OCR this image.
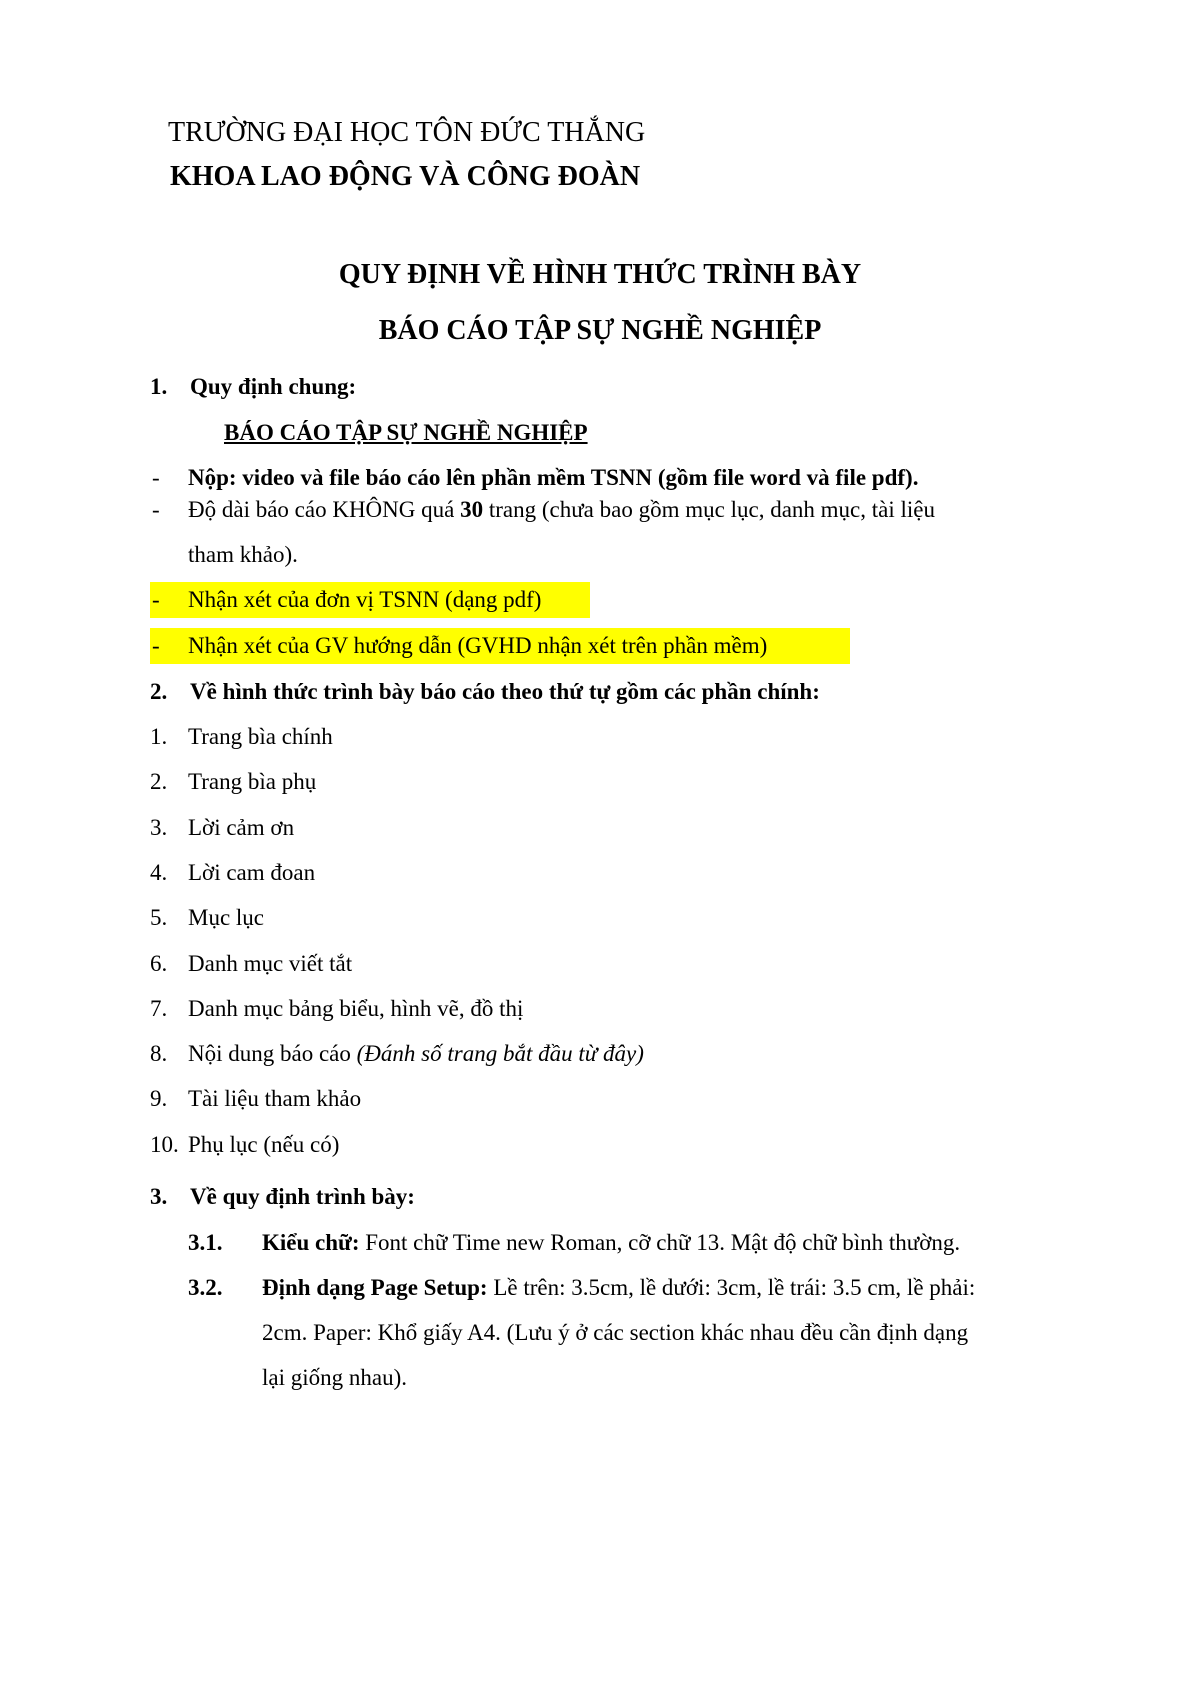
TRƯỜNG ĐẠI HỌC TÔN ĐỨC THẮNG
KHOA LAO ĐỘNG VÀ CÔNG ĐOÀN
QUY ĐỊNH VỀ HÌNH THỨC TRÌNH BÀY
BÁO CÁO TẬP SỰ NGHỀ NGHIỆP
1. Quy định chung:
BÁO CÁO TẬP SỰ NGHỀ NGHIỆP
- Nộp: video và file báo cáo lên phần mềm TSNN (gồm file word và file pdf).
- Độ dài báo cáo KHÔNG quá 30 trang (chưa bao gồm mục lục, danh mục, tài liệu
tham khảo).
- Nhận xét của đơn vị TSNN (dạng pdf)
- Nhận xét của GV hướng dẫn (GVHD nhận xét trên phần mềm)
2. Về hình thức trình bày báo cáo theo thứ tự gồm các phần chính:
1. Trang bìa chính
2. Trang bìa phụ
3. Lời cảm ơn
4. Lời cam đoan
5. Mục lục
6. Danh mục viết tắt
7. Danh mục bảng biểu, hình vẽ, đồ thị
8. Nội dung báo cáo (Đánh số trang bắt đầu từ đây)
9. Tài liệu tham khảo
10. Phụ lục (nếu có)
3. Về quy định trình bày:
3.1. Kiểu chữ: Font chữ Time new Roman, cỡ chữ 13. Mật độ chữ bình thường.
3.2. Định dạng Page Setup: Lề trên: 3.5cm, lề dưới: 3cm, lề trái: 3.5 cm, lề phải:
2cm. Paper: Khổ giấy A4. (Lưu ý ở các section khác nhau đều cần định dạng
lại giống nhau).
